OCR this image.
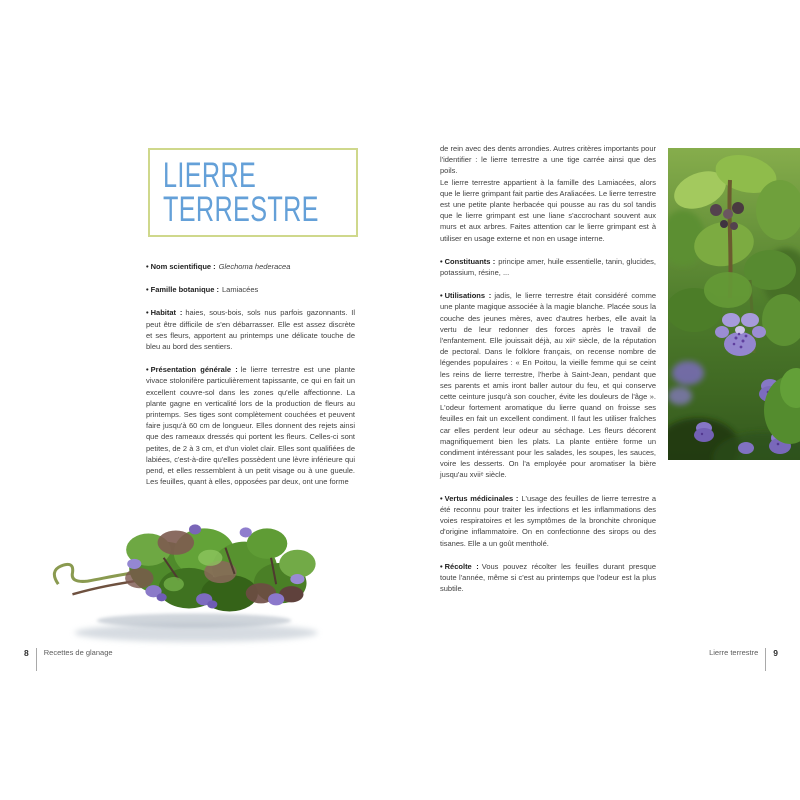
LIERRE
TERRESTRE

• Nom scientifique : Glechoma hederacea

• Famille botanique : Lamiacées

• Habitat : haies, sous-bois, sols nus parfois gazonnants. Il peut être difficile de s'en débarrasser. Elle est assez discrète et ses fleurs, apportent au printemps une délicate touche de bleu au bord des sentiers.

• Présentation générale : le lierre terrestre est une plante vivace stolonifère particulièrement tapissante, ce qui en fait un excellent couvre-sol dans les zones qu'elle affectionne. La plante gagne en verticalité lors de la production de fleurs au printemps. Ses tiges sont complètement couchées et peuvent faire jusqu'à 60 cm de longueur. Elles donnent des rejets ainsi que des rameaux dressés qui portent les fleurs. Celles-ci sont petites, de 2 à 3 cm, et d'un violet clair. Elles sont qualifiées de labiées, c'est-à-dire qu'elles possèdent une lèvre inférieure qui pend, et elles ressemblent à un petit visage ou à une gueule. Les feuilles, quant à elles, opposées par deux, ont une forme

8 Recettes de glanage

de rein avec des dents arrondies. Autres critères importants pour l'identifier : le lierre terrestre a une tige carrée ainsi que des poils.

Le lierre terrestre appartient à la famille des Lamiacées, alors que le lierre grimpant fait partie des Araliacées. Le lierre terrestre est une petite plante herbacée qui pousse au ras du sol tandis que le lierre grimpant est une liane s'accrochant souvent aux murs et aux arbres. Faites attention car le lierre grimpant est à utiliser en usage externe et non en usage interne.

• Constituants : principe amer, huile essentielle, tanin, glucides, potassium, résine, ...

• Utilisations : jadis, le lierre terrestre était considéré comme une plante magique associée à la magie blanche. Placée sous la couche des jeunes mères, avec d'autres herbes, elle avait la vertu de leur redonner des forces après le travail de l'enfantement. Elle jouissait déjà, au xiiᵉ siècle, de la réputation de pectoral. Dans le folklore français, on recense nombre de légendes populaires : « En Poitou, la vieille femme qui se ceint les reins de lierre terrestre, l'herbe à Saint-Jean, pendant que ses parents et amis iront baller autour du feu, et qui conserve cette ceinture jusqu'à son coucher, évite les douleurs de l'âge ». L'odeur fortement aromatique du lierre quand on froisse ses feuilles en fait un excellent condiment. Il faut les utiliser fraîches car elles perdent leur odeur au séchage. Les fleurs décorent magnifiquement bien les plats. La plante entière forme un condiment intéressant pour les salades, les soupes, les sauces, voire les desserts. On l'a employée pour aromatiser la bière jusqu'au xviiᵉ siècle.

• Vertus médicinales : L'usage des feuilles de lierre terrestre a été reconnu pour traiter les infections et les inflammations des voies respiratoires et les symptômes de la bronchite chronique d'origine inflammatoire. On en confectionne des sirops ou des tisanes. Elle a un goût mentholé.

• Récolte : Vous pouvez récolter les feuilles durant presque toute l'année, même si c'est au printemps que l'odeur est la plus subtile.

Lierre terrestre 9
